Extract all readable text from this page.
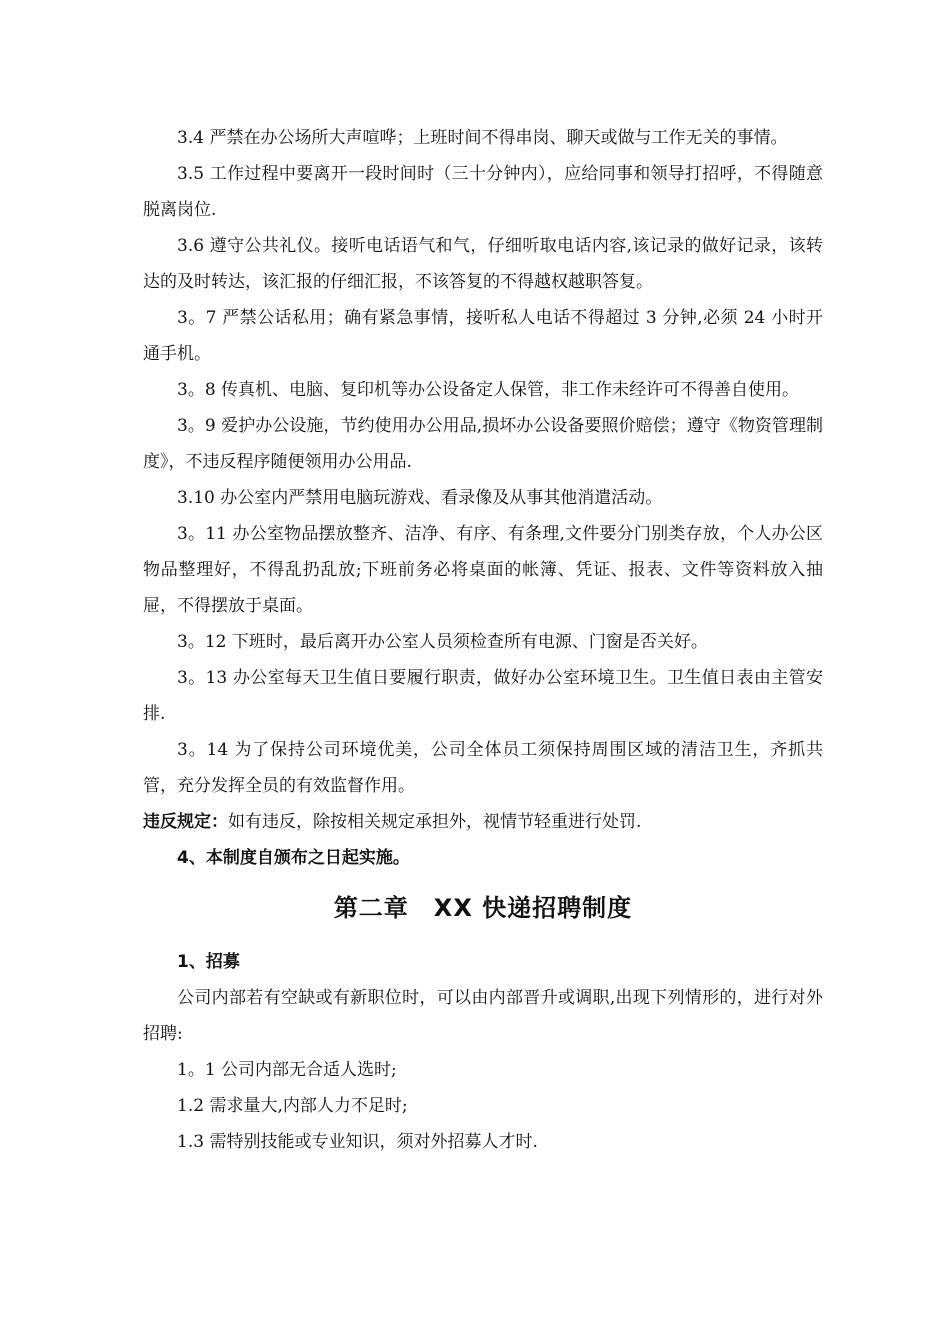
3.4 严禁在办公场所大声喧哗；上班时间不得串岗、聊天或做与工作无关的事情。

3.5 工作过程中要离开一段时间时（三十分钟内），应给同事和领导打招呼，不得随意脱离岗位.

3.6 遵守公共礼仪。接听电话语气和气，仔细听取电话内容,该记录的做好记录，该转达的及时转达，该汇报的仔细汇报，不该答复的不得越权越职答复。

3。7 严禁公话私用；确有紧急事情，接听私人电话不得超过 3 分钟,必须 24 小时开通手机。

3。8 传真机、电脑、复印机等办公设备定人保管，非工作未经许可不得善自使用。

3。9 爱护办公设施，节约使用办公用品,损坏办公设备要照价赔偿；遵守《物资管理制度》，不违反程序随便领用办公用品.

3.10 办公室内严禁用电脑玩游戏、看录像及从事其他消遣活动。

3。11 办公室物品摆放整齐、洁净、有序、有条理,文件要分门别类存放，个人办公区物品整理好，不得乱扔乱放;下班前务必将桌面的帐簿、凭证、报表、文件等资料放入抽屉，不得摆放于桌面。

3。12 下班时，最后离开办公室人员须检查所有电源、门窗是否关好。

3。13 办公室每天卫生值日要履行职责，做好办公室环境卫生。卫生值日表由主管安排.

3。14 为了保持公司环境优美，公司全体员工须保持周围区域的清洁卫生，齐抓共管，充分发挥全员的有效监督作用。

违反规定：如有违反，除按相关规定承担外，视情节轻重进行处罚.

4、本制度自颁布之日起实施。

第二章　XX 快递招聘制度

1、招募

公司内部若有空缺或有新职位时，可以由内部晋升或调职,出现下列情形的，进行对外招聘:

1。1 公司内部无合适人选时;

1.2 需求量大,内部人力不足时;

1.3 需特别技能或专业知识，须对外招募人才时.
